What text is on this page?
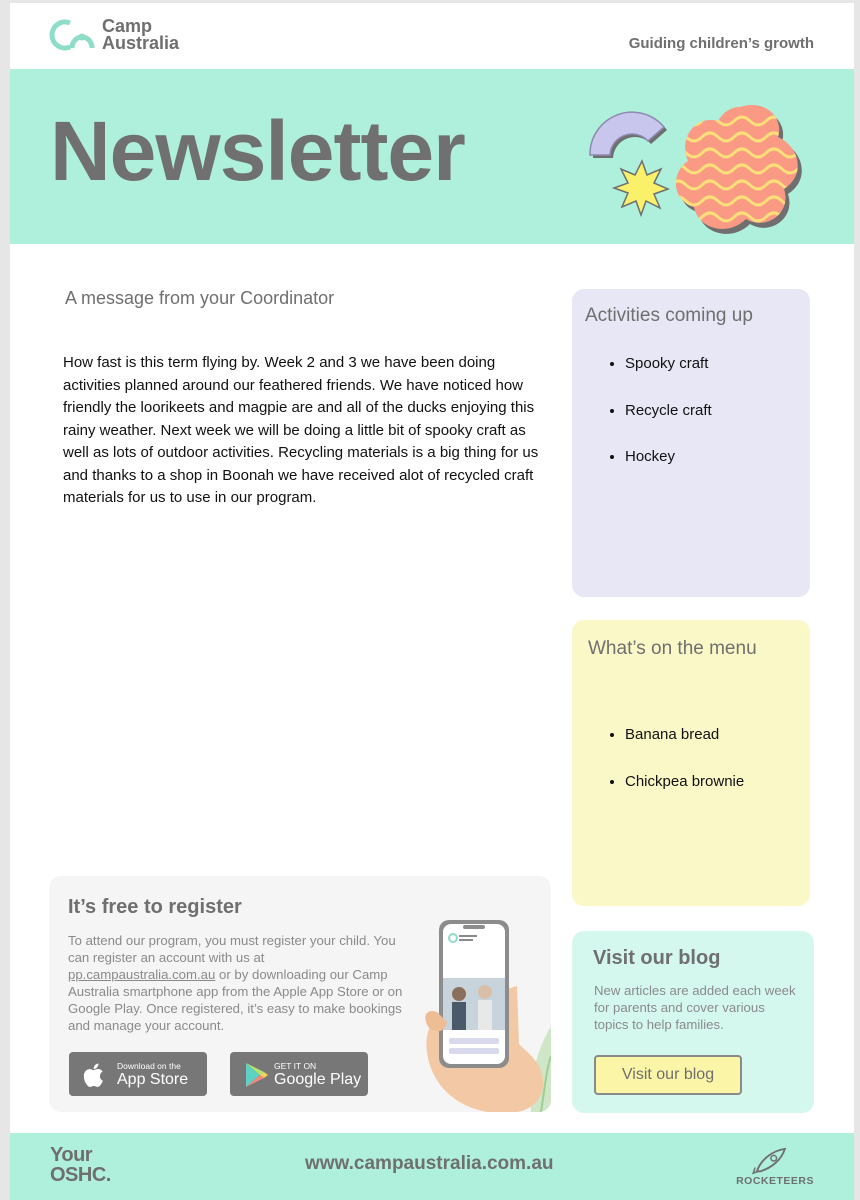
Camp
Australia	Guiding children’s growth
Newsletter
A message from your Coordinator
How fast is this term flying by. Week 2 and 3 we have been doing activities planned around our feathered friends. We have noticed how friendly the loorikeets and magpie are and all of the ducks enjoying this rainy weather. Next week we will be doing a little bit of spooky craft as well as lots of outdoor activities. Recycling materials is a big thing for us and thanks to a shop in Boonah we have received alot of recycled craft materials for us to use in our program.
Activities coming up
• Spooky craft
• Recycle craft
• Hockey
What’s on the menu
• Banana bread
• Chickpea brownie
It’s free to register
To attend our program, you must register your child. You can register an account with us at pp.campaustralia.com.au or by downloading our Camp Australia smartphone app from the Apple App Store or on Google Play. Once registered, it’s easy to make bookings and manage your account.
Download on the
App Store
GET IT ON
Google Play
Visit our blog
New articles are added each week for parents and cover various topics to help families.
Visit our blog
Your
OSHC.
www.campaustralia.com.au
ROCKETEERS
